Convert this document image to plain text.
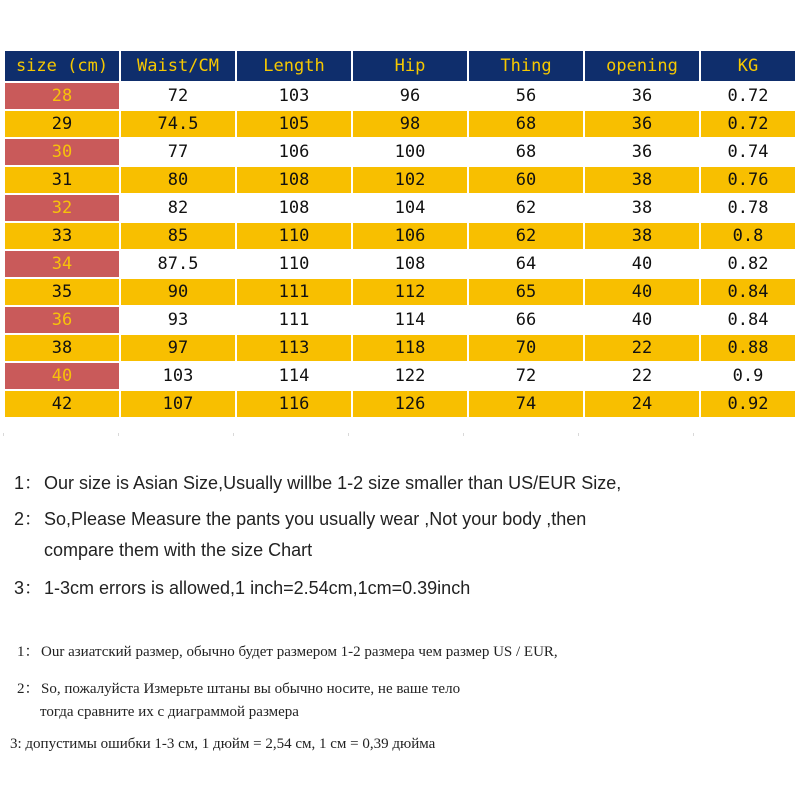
size (cm)	Waist/CM	Length	Hip	Thing	opening	KG
28	72	103	96	56	36	0.72
29	74.5	105	98	68	36	0.72
30	77	106	100	68	36	0.74
31	80	108	102	60	38	0.76
32	82	108	104	62	38	0.78
33	85	110	106	62	38	0.8
34	87.5	110	108	64	40	0.82
35	90	111	112	65	40	0.84
36	93	111	114	66	40	0.84
38	97	113	118	70	22	0.88
40	103	114	122	72	22	0.9
42	107	116	126	74	24	0.92
1： Our size is Asian Size,Usually willbe 1-2 size smaller than US/EUR Size,
2： So,Please Measure the pants you usually wear ,Not your body ,then
compare them with the size Chart
3： 1-3cm errors is allowed,1 inch=2.54cm,1cm=0.39inch
1：Our азиатский размер, обычно будет размером 1-2 размера чем размер US / EUR,
2：So, пожалуйста Измерьте штаны вы обычно носите, не ваше тело
тогда сравните их с диаграммой размера
3: допустимы ошибки 1-3 см, 1 дюйм = 2,54 см, 1 см = 0,39 дюйма
